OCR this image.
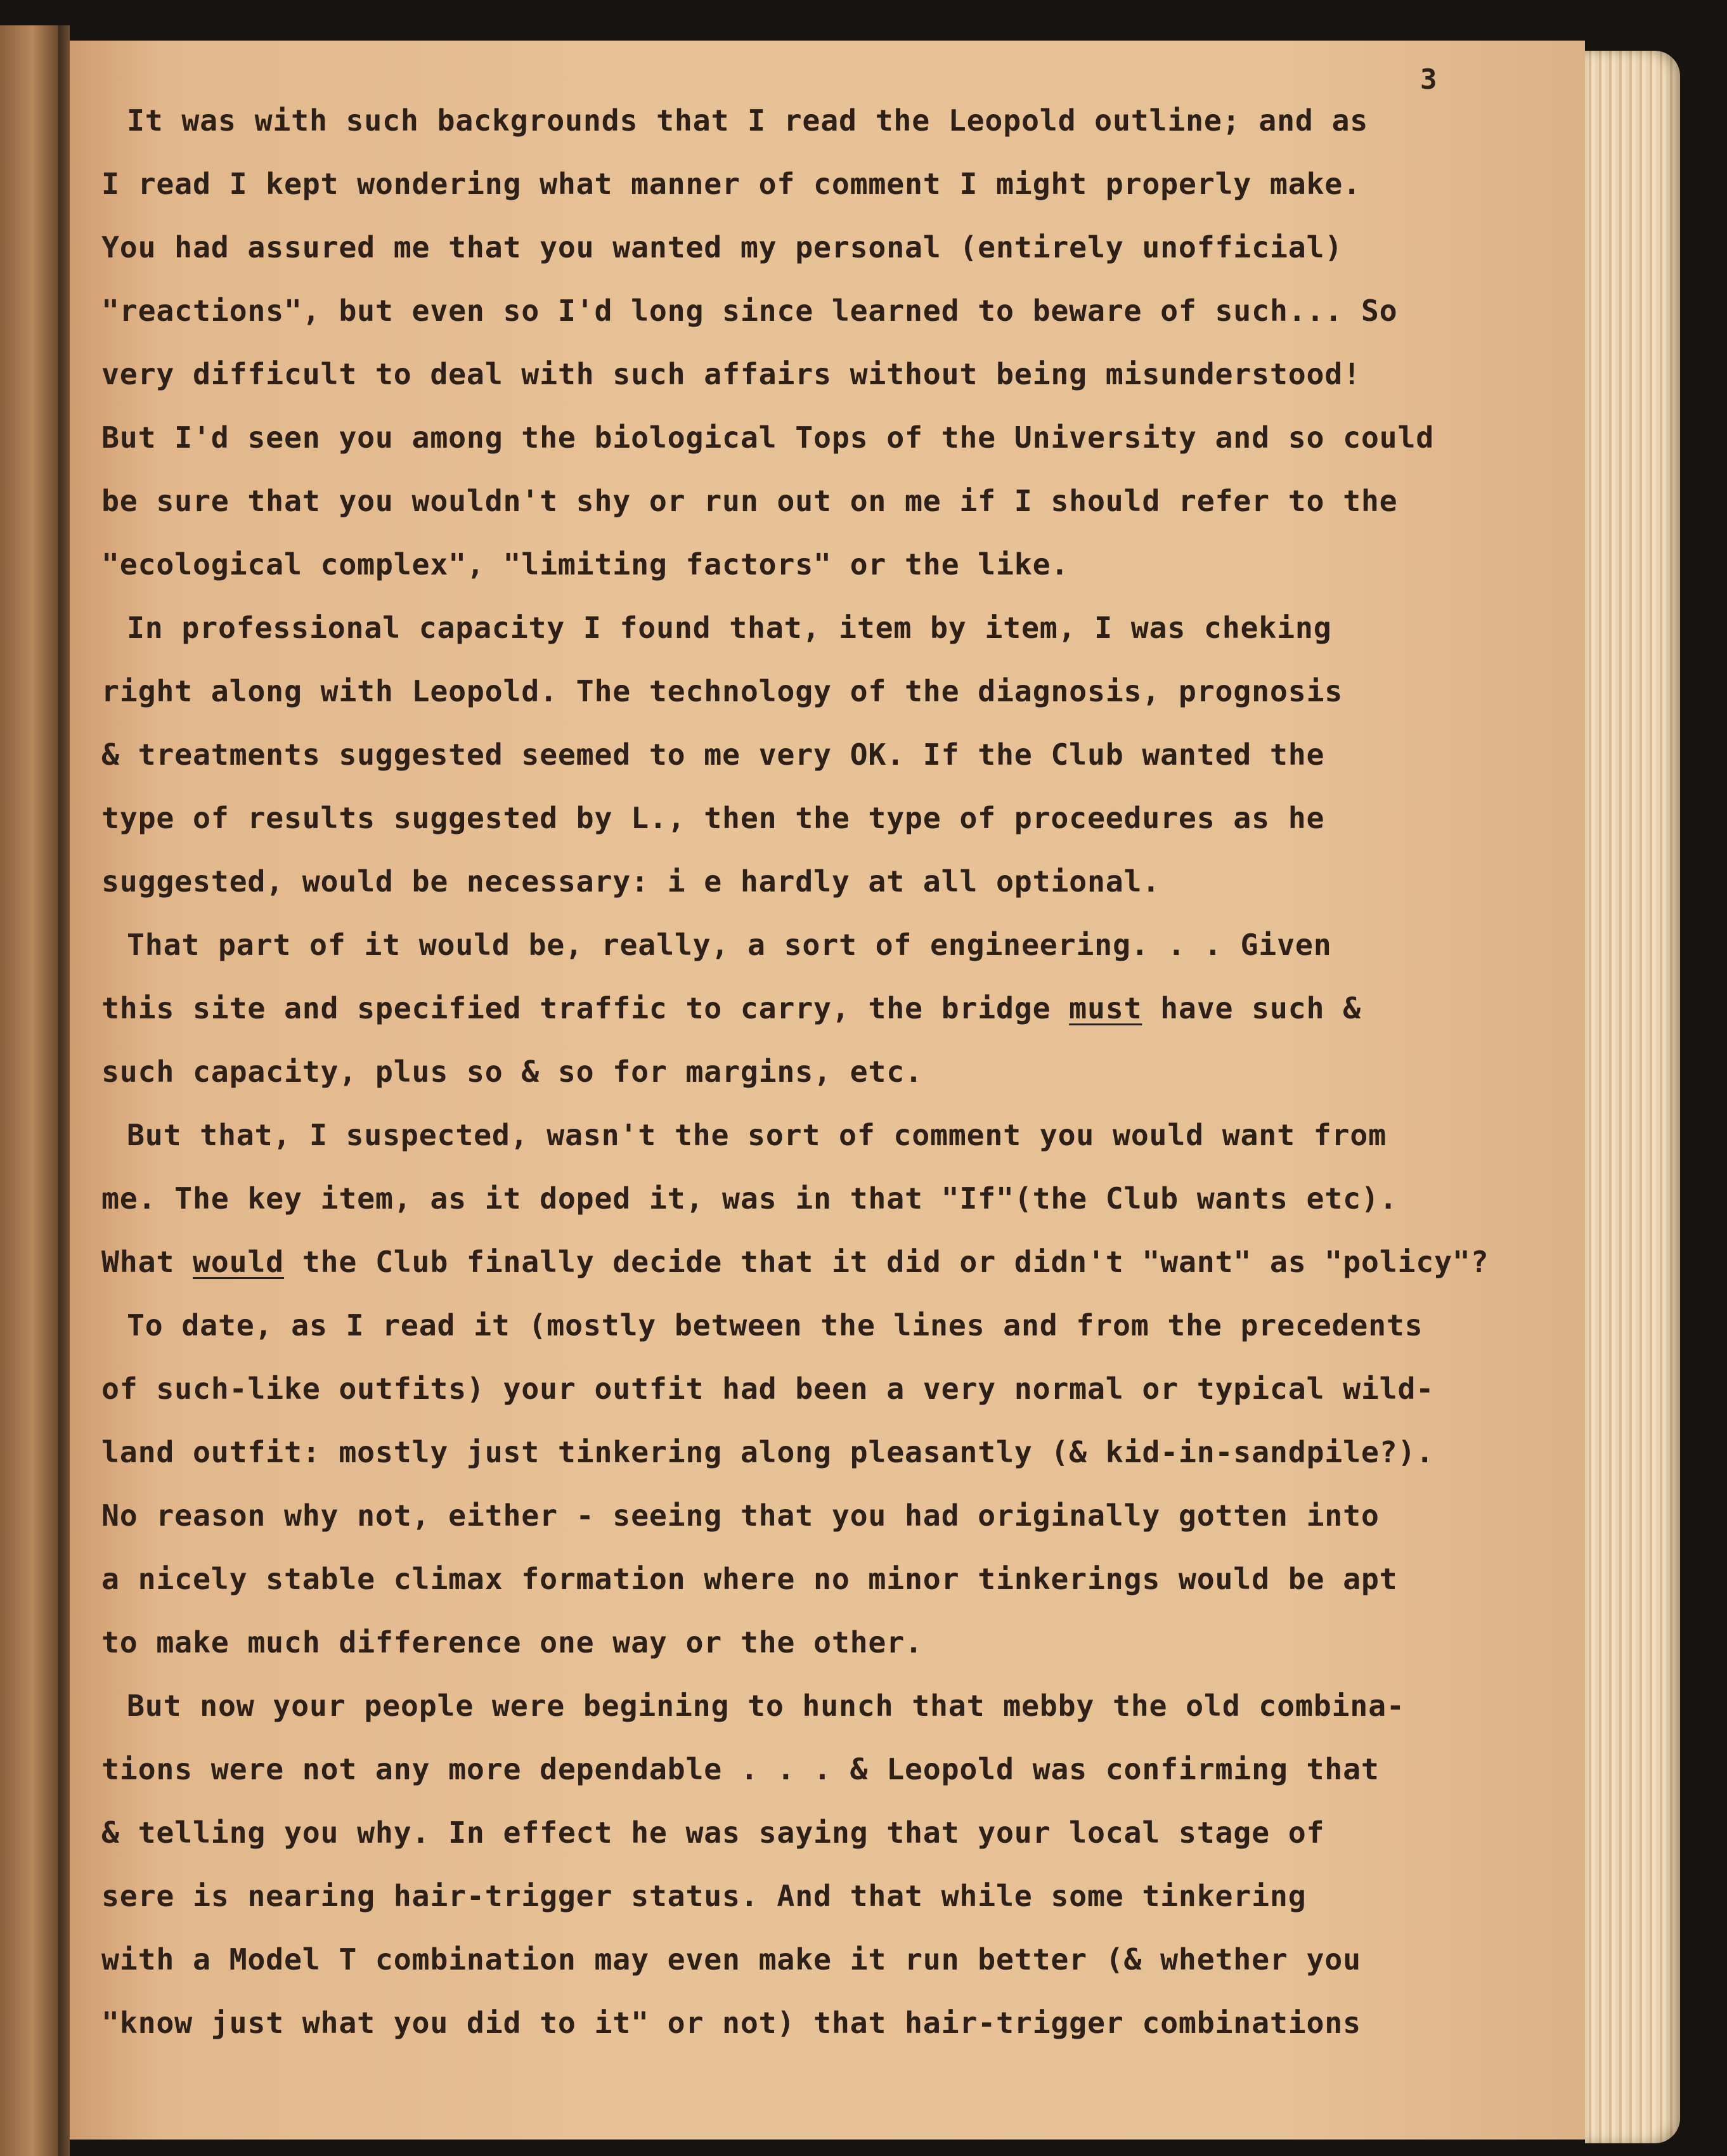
3
It was with such backgrounds that I read the Leopold outline; and as
I read I kept wondering what manner of comment I might properly make.
You had assured me that you wanted my personal (entirely unofficial)
"reactions", but even so I'd long since learned to beware of such... So
very difficult to deal with such affairs without being misunderstood!
But I'd seen you among the biological Tops of the University and so could
be sure that you wouldn't shy or run out on me if I should refer to the
"ecological complex", "limiting factors" or the like.
In professional capacity I found that, item by item, I was cheking
right along with Leopold. The technology of the diagnosis, prognosis
& treatments suggested seemed to me very OK. If the Club wanted the
type of results suggested by L., then the type of proceedures as he
suggested, would be necessary: i e hardly at all optional.
That part of it would be, really, a sort of engineering. . . Given
this site and specified traffic to carry, the bridge must have such &
such capacity, plus so & so for margins, etc.
But that, I suspected, wasn't the sort of comment you would want from
me. The key item, as it doped it, was in that "If"(the Club wants etc).
What would the Club finally decide that it did or didn't "want" as "policy"?
To date, as I read it (mostly between the lines and from the precedents
of such-like outfits) your outfit had been a very normal or typical wild-
land outfit: mostly just tinkering along pleasantly (& kid-in-sandpile?).
No reason why not, either - seeing that you had originally gotten into
a nicely stable climax formation where no minor tinkerings would be apt
to make much difference one way or the other.
But now your people were begining to hunch that mebby the old combina-
tions were not any more dependable . . . & Leopold was confirming that
& telling you why. In effect he was saying that your local stage of
sere is nearing hair-trigger status. And that while some tinkering
with a Model T combination may even make it run better (& whether you
"know just what you did to it" or not) that hair-trigger combinations
